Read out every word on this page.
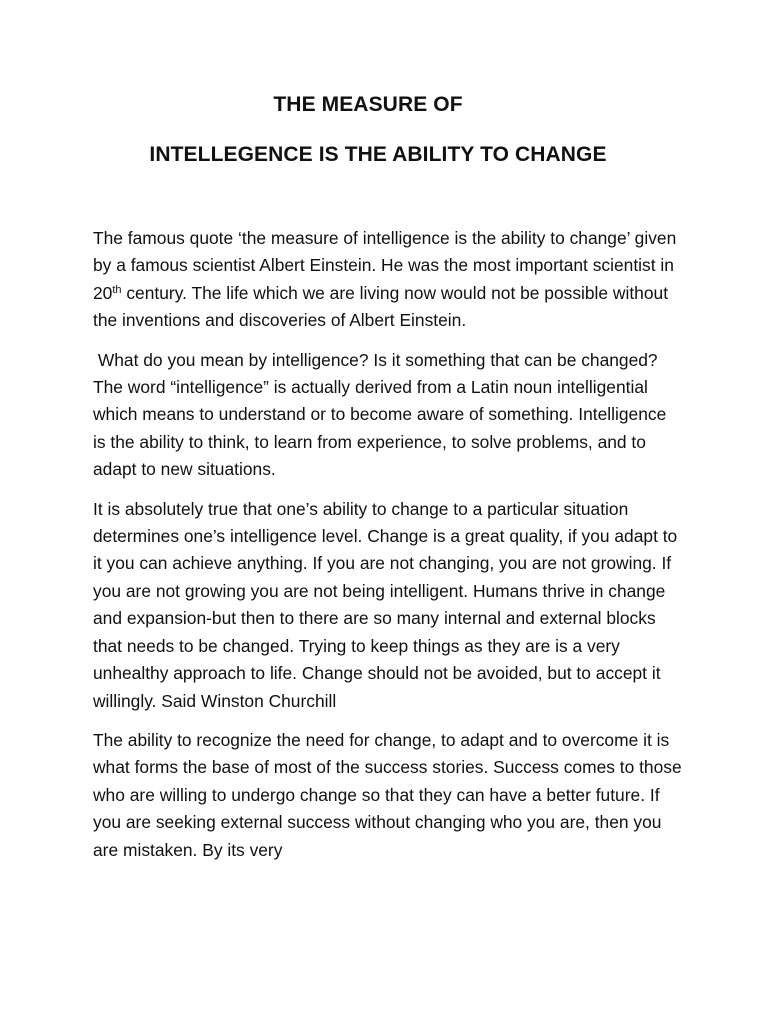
THE MEASURE OF
INTELLEGENCE IS THE ABILITY TO CHANGE

The famous quote ‘the measure of intelligence is the ability to change’ given by a famous scientist Albert Einstein. He was the most important scientist in 20th century. The life which we are living now would not be possible without the inventions and discoveries of Albert Einstein.

What do you mean by intelligence? Is it something that can be changed? The word “intelligence” is actually derived from a Latin noun intelligential which means to understand or to become aware of something. Intelligence is the ability to think, to learn from experience, to solve problems, and to adapt to new situations.

It is absolutely true that one’s ability to change to a particular situation determines one’s intelligence level. Change is a great quality, if you adapt to it you can achieve anything. If you are not changing, you are not growing. If you are not growing you are not being intelligent. Humans thrive in change and expansion-but then to there are so many internal and external blocks that needs to be changed. Trying to keep things as they are is a very unhealthy approach to life. Change should not be avoided, but to accept it willingly. Said Winston Churchill

The ability to recognize the need for change, to adapt and to overcome it is what forms the base of most of the success stories. Success comes to those who are willing to undergo change so that they can have a better future. If you are seeking external success without changing who you are, then you are mistaken. By its very
